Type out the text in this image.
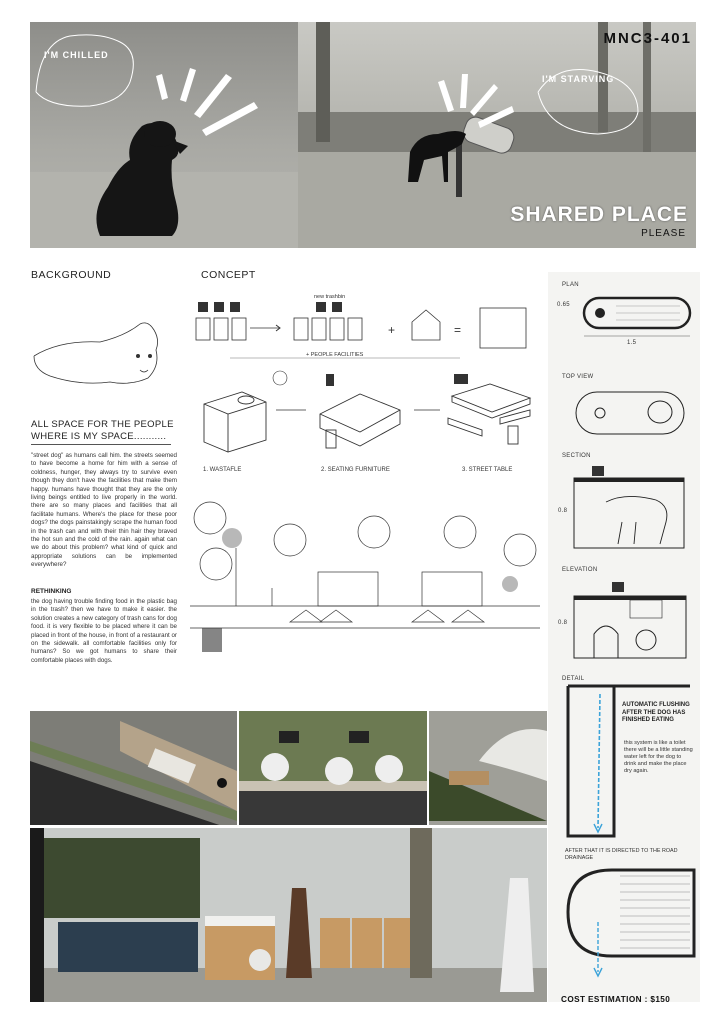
I'M CHILLED
I'M STARVING
MNC3-401
SHARED PLACE
PLEASE
BACKGROUND
ALL SPACE FOR THE PEOPLE WHERE IS MY SPACE...........
"street dog" as humans call him. the streets seemed to have become a home for him with a sense of coldness, hunger, they always try to survive even though they don't have the facilities that make them happy. humans have thought that they are the only living beings entitled to live properly in the world. there are so many places and facilities that all facilitate humans. Where's the place for these poor dogs? the dogs painstakingly scrape the human food in the trash can and with their thin hair they braved the hot sun and the cold of the rain. again what can we do about this problem? what kind of quick and appropriate solutions can be implemented everywhere?
RETHINKING
the dog having trouble finding food in the plastic bag in the trash? then we have to make it easier. the solution creates a new category of trash cans for dog food. it is very flexible to be placed where it can be placed in front of the house, in front of a restaurant or on the sidewalk. all comfortable facilities only for humans? So we got humans to share their comfortable places with dogs.
CONCEPT
new trashbin
+	=
+ PEOPLE FACILITIES
1. WASTAFLE	2. SEATING FURNITURE	3. STREET TABLE
PLAN
0.65
1.5
TOP VIEW
SECTION
0.8
ELEVATION
0.8
DETAIL
AUTOMATIC FLUSHING AFTER THE DOG HAS FINISHED EATING
this system is like a toilet there will be a little standing water left for the dog to drink and make the place dry again.
AFTER THAT IT IS DIRECTED TO THE ROAD DRAINAGE
COST ESTIMATION : $150
